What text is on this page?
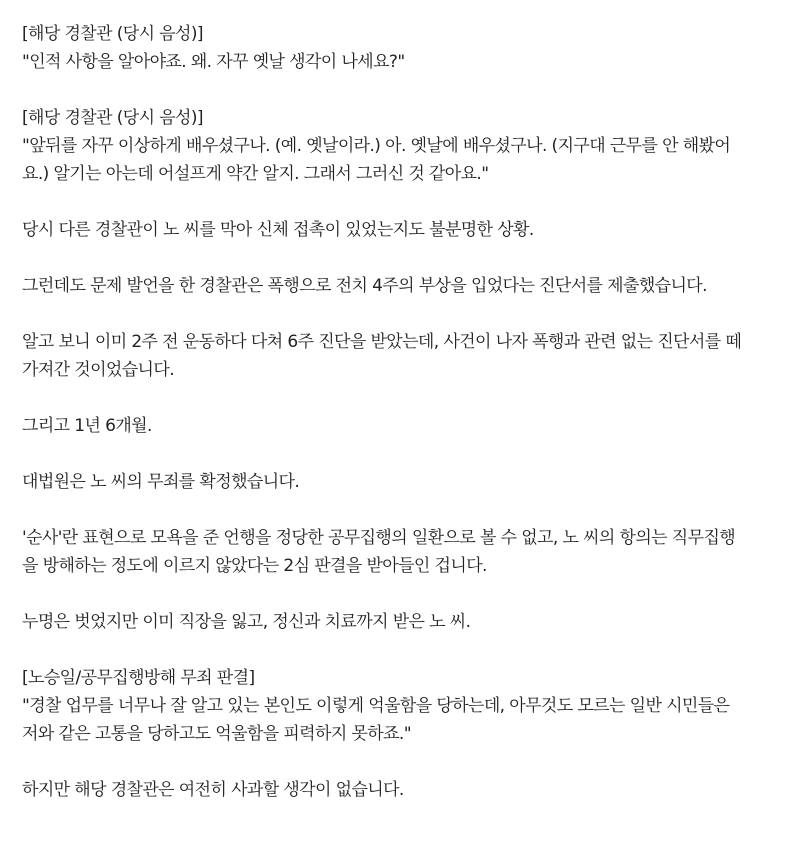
[해당 경찰관 (당시 음성)]
"인적 사항을 알아야죠. 왜. 자꾸 옛날 생각이 나세요?"

[해당 경찰관 (당시 음성)]
"앞뒤를 자꾸 이상하게 배우셨구나. (예. 옛날이라.) 아. 옛날에 배우셨구나. (지구대 근무를 안 해봤어
요.) 알기는 아는데 어설프게 약간 알지. 그래서 그러신 것 같아요."

당시 다른 경찰관이 노 씨를 막아 신체 접촉이 있었는지도 불분명한 상황.

그런데도 문제 발언을 한 경찰관은 폭행으로 전치 4주의 부상을 입었다는 진단서를 제출했습니다.

알고 보니 이미 2주 전 운동하다 다쳐 6주 진단을 받았는데, 사건이 나자 폭행과 관련 없는 진단서를 떼
가져간 것이었습니다.

그리고 1년 6개월.

대법원은 노 씨의 무죄를 확정했습니다.

'순사'란 표현으로 모욕을 준 언행을 정당한 공무집행의 일환으로 볼 수 없고, 노 씨의 항의는 직무집행
을 방해하는 정도에 이르지 않았다는 2심 판결을 받아들인 겁니다.

누명은 벗었지만 이미 직장을 잃고, 정신과 치료까지 받은 노 씨.

[노승일/공무집행방해 무죄 판결]
"경찰 업무를 너무나 잘 알고 있는 본인도 이렇게 억울함을 당하는데, 아무것도 모르는 일반 시민들은
저와 같은 고통을 당하고도 억울함을 피력하지 못하죠."

하지만 해당 경찰관은 여전히 사과할 생각이 없습니다.
